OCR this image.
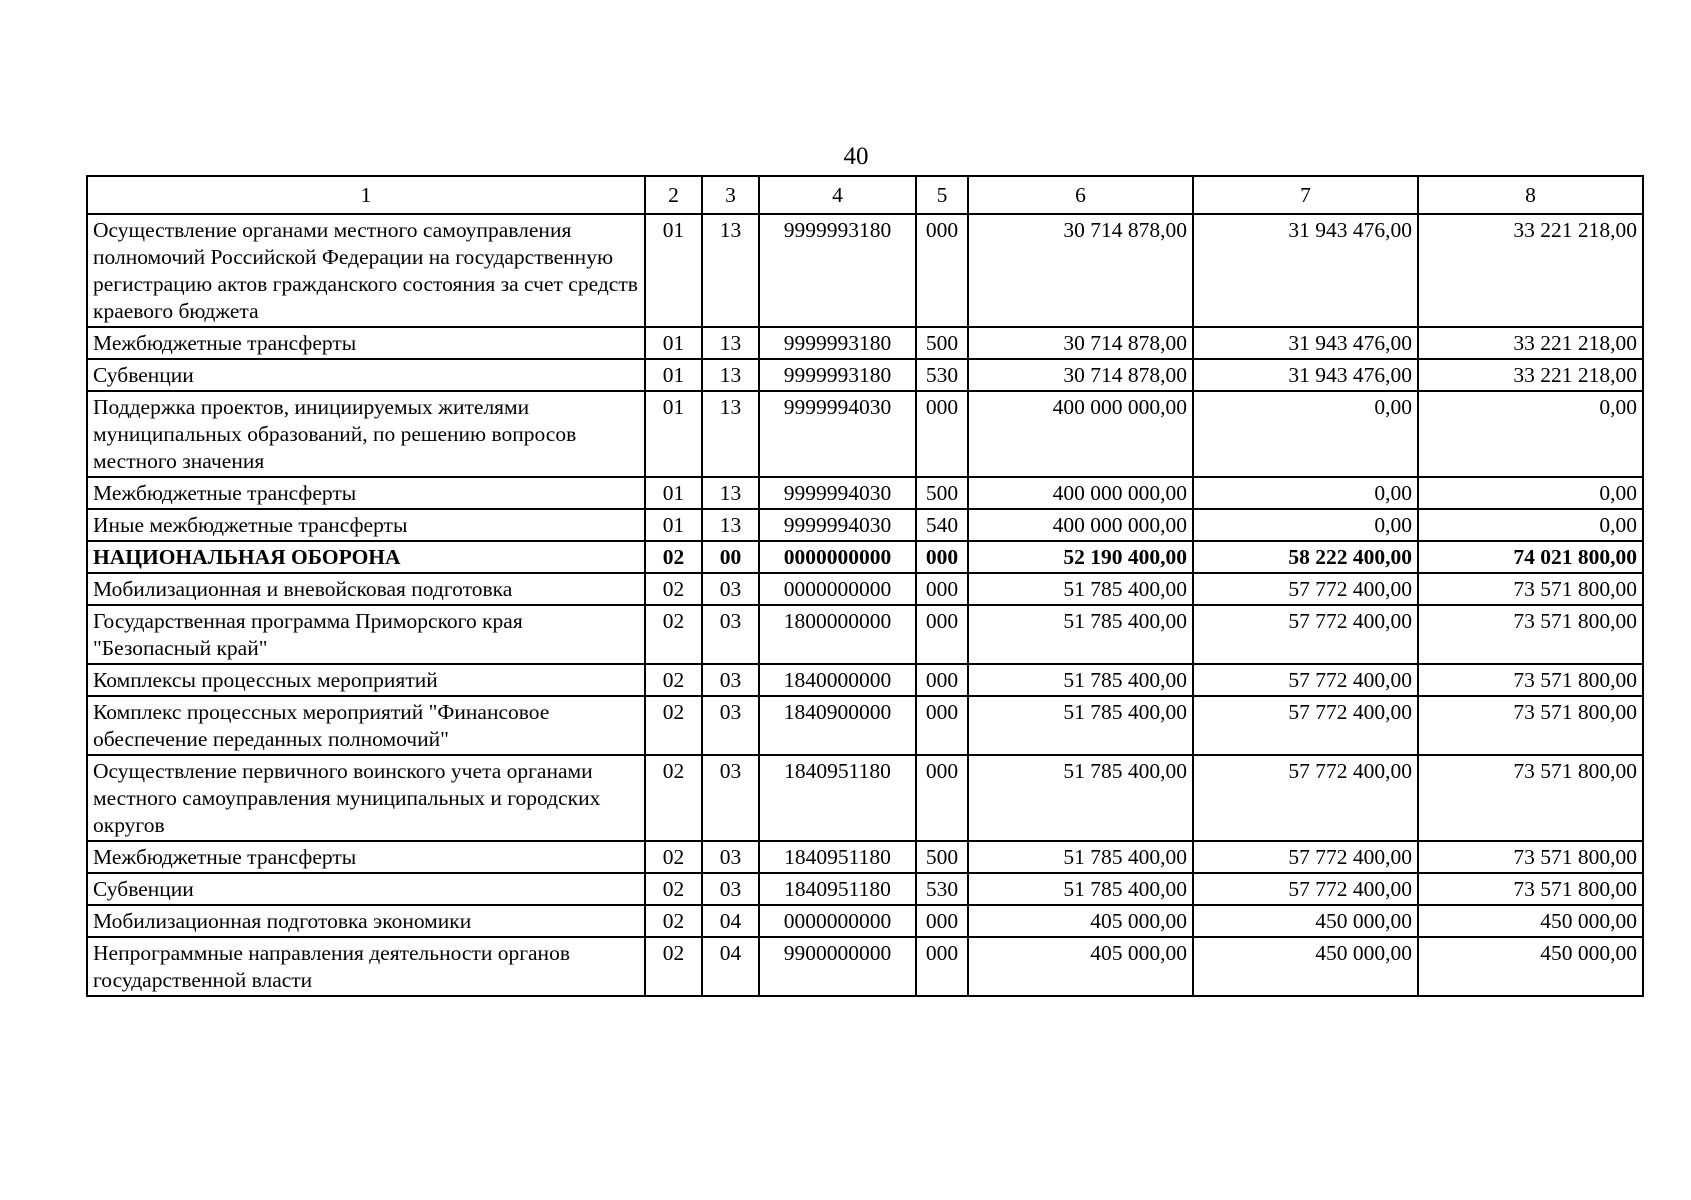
40
1	2	3	4	5	6	7	8
Осуществление органами местного самоуправления полномочий Российской Федерации на государственную регистрацию актов гражданского состояния за счет средств краевого бюджета	01	13	9999993180	000	30 714 878,00	31 943 476,00	33 221 218,00
Межбюджетные трансферты	01	13	9999993180	500	30 714 878,00	31 943 476,00	33 221 218,00
Субвенции	01	13	9999993180	530	30 714 878,00	31 943 476,00	33 221 218,00
Поддержка проектов, инициируемых жителями муниципальных образований, по решению вопросов местного значения	01	13	9999994030	000	400 000 000,00	0,00	0,00
Межбюджетные трансферты	01	13	9999994030	500	400 000 000,00	0,00	0,00
Иные межбюджетные трансферты	01	13	9999994030	540	400 000 000,00	0,00	0,00
НАЦИОНАЛЬНАЯ ОБОРОНА	02	00	0000000000	000	52 190 400,00	58 222 400,00	74 021 800,00
Мобилизационная и вневойсковая подготовка	02	03	0000000000	000	51 785 400,00	57 772 400,00	73 571 800,00
Государственная программа Приморского края "Безопасный край"	02	03	1800000000	000	51 785 400,00	57 772 400,00	73 571 800,00
Комплексы процессных мероприятий	02	03	1840000000	000	51 785 400,00	57 772 400,00	73 571 800,00
Комплекс процессных мероприятий "Финансовое обеспечение переданных полномочий"	02	03	1840900000	000	51 785 400,00	57 772 400,00	73 571 800,00
Осуществление первичного воинского учета органами местного самоуправления муниципальных и городских округов	02	03	1840951180	000	51 785 400,00	57 772 400,00	73 571 800,00
Межбюджетные трансферты	02	03	1840951180	500	51 785 400,00	57 772 400,00	73 571 800,00
Субвенции	02	03	1840951180	530	51 785 400,00	57 772 400,00	73 571 800,00
Мобилизационная подготовка экономики	02	04	0000000000	000	405 000,00	450 000,00	450 000,00
Непрограммные направления деятельности органов государственной власти	02	04	9900000000	000	405 000,00	450 000,00	450 000,00
